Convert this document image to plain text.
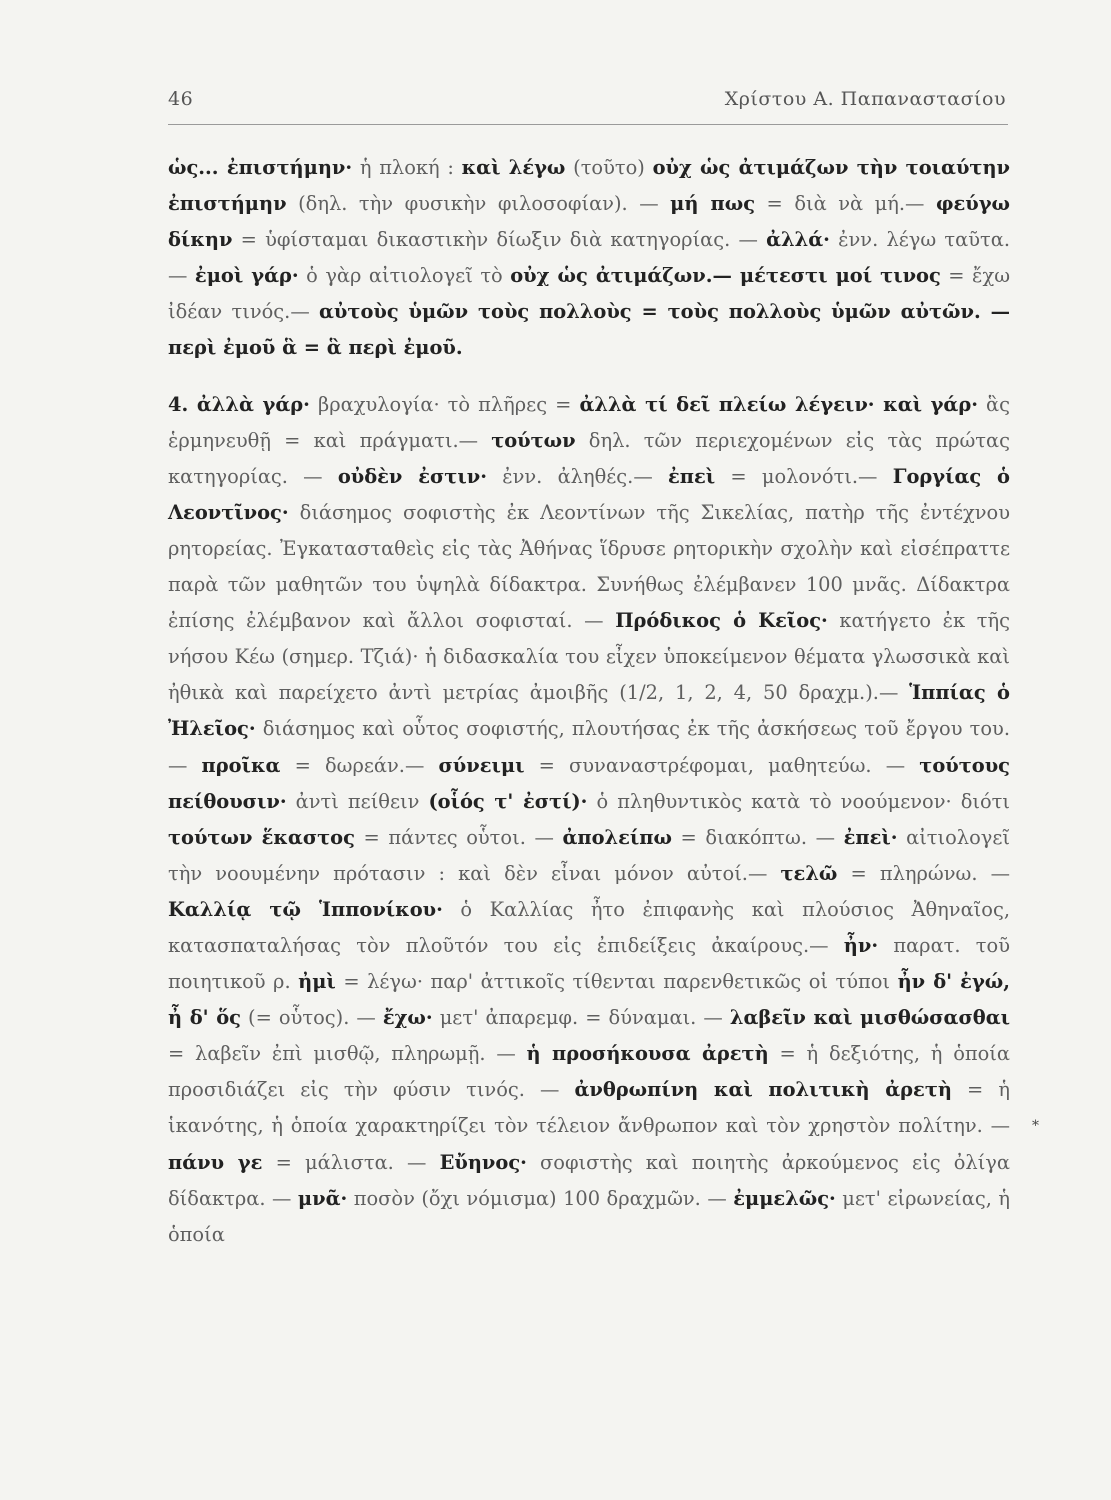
46	Χρίστου Α. Παπαναστασίου

ὡς... ἐπιστήμην· ἡ πλοκή : καὶ λέγω (τοῦτο) οὐχ ὡς ἀτιμάζων τὴν τοιαύτην ἐπιστήμην (δηλ. τὴν φυσικὴν φιλοσοφίαν). — μή πως = διὰ νὰ μή.— φεύγω δίκην = ὑφίσταμαι δικαστικὴν δίωξιν διὰ κατηγορίας. — ἀλλά· ἐνν. λέγω ταῦτα. — ἐμοὶ γάρ· ὁ γὰρ αἰτιολογεῖ τὸ οὐχ ὡς ἀτιμάζων.— μέτεστι μοί τινος = ἔχω ἰδέαν τινός.— αὐτοὺς ὑμῶν τοὺς πολλοὺς = τοὺς πολλοὺς ὑμῶν αὐτῶν. — περὶ ἐμοῦ ἃ = ἃ περὶ ἐμοῦ.

4. ἀλλὰ γάρ· βραχυλογία· τὸ πλῆρες = ἀλλὰ τί δεῖ πλείω λέγειν· καὶ γάρ· ἃς ἑρμηνευθῇ = καὶ πράγματι.— τούτων δηλ. τῶν περιεχομένων εἰς τὰς πρώτας κατηγορίας. — οὐδὲν ἐστιν· ἐνν. ἀληθές.— ἐπεὶ = μολονότι.— Γοργίας ὁ Λεοντῖνος· διάσημος σοφιστὴς ἐκ Λεοντίνων τῆς Σικελίας, πατὴρ τῆς ἐντέχνου ρητορείας. Ἐγκατασταθεὶς εἰς τὰς Ἀθήνας ἵδρυσε ρητορικὴν σχολὴν καὶ εἰσέπραττε παρὰ τῶν μαθητῶν του ὑψηλὰ δίδακτρα. Συνήθως ἐλέμβανεν 100 μνᾶς. Δίδακτρα ἐπίσης ἐλέμβανον καὶ ἄλλοι σοφισταί. — Πρόδικος ὁ Κεῖος· κατήγετο ἐκ τῆς νήσου Κέω (σημερ. Τζιά)· ἡ διδασκαλία του εἶχεν ὑποκείμενον θέματα γλωσσικὰ καὶ ἠθικὰ καὶ παρείχετο ἀντὶ μετρίας ἀμοιβῆς (1/2, 1, 2, 4, 50 δραχμ.).— Ἱππίας ὁ Ἠλεῖος· διάσημος καὶ οὗτος σοφιστής, πλουτήσας ἐκ τῆς ἀσκήσεως τοῦ ἔργου του. — προῖκα = δωρεάν.— σύνειμι = συναναστρέφομαι, μαθητεύω. — τούτους πείθουσιν· ἀντὶ πείθειν (οἷός τ' ἐστί)· ὁ πληθυντικὸς κατὰ τὸ νοούμενον· διότι τούτων ἕκαστος = πάντες οὗτοι. — ἀπολείπω = διακόπτω. — ἐπεὶ· αἰτιολογεῖ τὴν νοουμένην πρότασιν : καὶ δὲν εἶναι μόνον αὐτοί.— τελῶ = πληρώνω. — Καλλίᾳ τῷ Ἱππονίκου· ὁ Καλλίας ἦτο ἐπιφανὴς καὶ πλούσιος Ἀθηναῖος, κατασπαταλήσας τὸν πλοῦτόν του εἰς ἐπιδείξεις ἀκαίρους.— ἦν· παρατ. τοῦ ποιητικοῦ ρ. ἠμὶ = λέγω· παρ' ἀττικοῖς τίθενται παρενθετικῶς οἱ τύποι ἦν δ' ἐγώ, ἦ δ' ὅς (= οὗτος). — ἔχω· μετ' ἀπαρεμφ. = δύναμαι. — λαβεῖν καὶ μισθώσασθαι = λαβεῖν ἐπὶ μισθῷ, πληρωμῇ. — ἡ προσήκουσα ἀρετὴ = ἡ δεξιότης, ἡ ὁποία προσιδιάζει εἰς τὴν φύσιν τινός. — ἀνθρωπίνη καὶ πολιτικὴ ἀρετὴ = ἡ ἱκανότης, ἡ ὁποία χαρακτηρίζει τὸν τέλειον ἄνθρωπον καὶ τὸν χρηστὸν πολίτην. — πάνυ γε = μάλιστα. — Εὔηνος· σοφιστὴς καὶ ποιητὴς ἀρκούμενος εἰς ὀλίγα δίδακτρα. — μνᾶ· ποσὸν (ὄχι νόμισμα) 100 δραχμῶν. — ἐμμελῶς· μετ' εἰρωνείας, ἡ ὁποία

*
